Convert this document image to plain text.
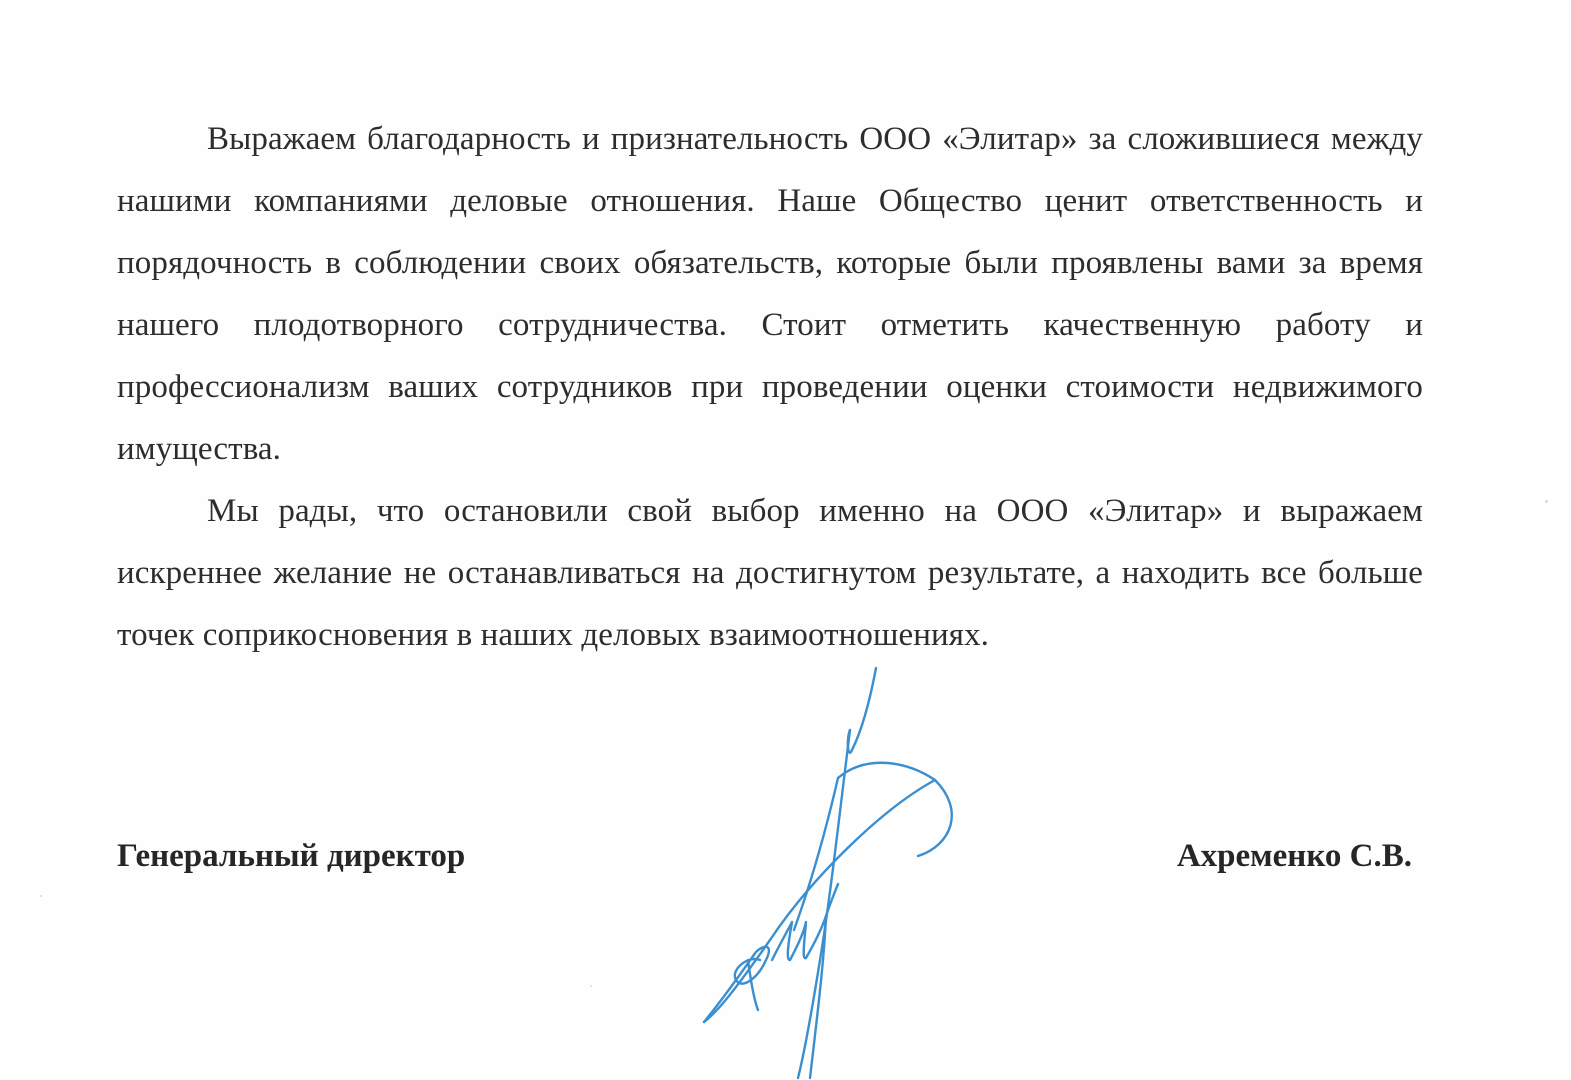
Выражаем благодарность и признательность ООО «Элитар» за сложившиеся между нашими компаниями деловые отношения. Наше Общество ценит ответственность и порядочность в соблюдении своих обязательств, которые были проявлены вами за время нашего плодотворного сотрудничества. Стоит отметить качественную работу и профессионализм ваших сотрудников при проведении оценки стоимости недвижимого имущества.

Мы рады, что остановили свой выбор именно на ООО «Элитар» и выражаем искреннее желание не останавливаться на достигнутом результате, а находить все больше точек соприкосновения в наших деловых взаимоотношениях.

Генеральный директор	Ахременко С.В.
